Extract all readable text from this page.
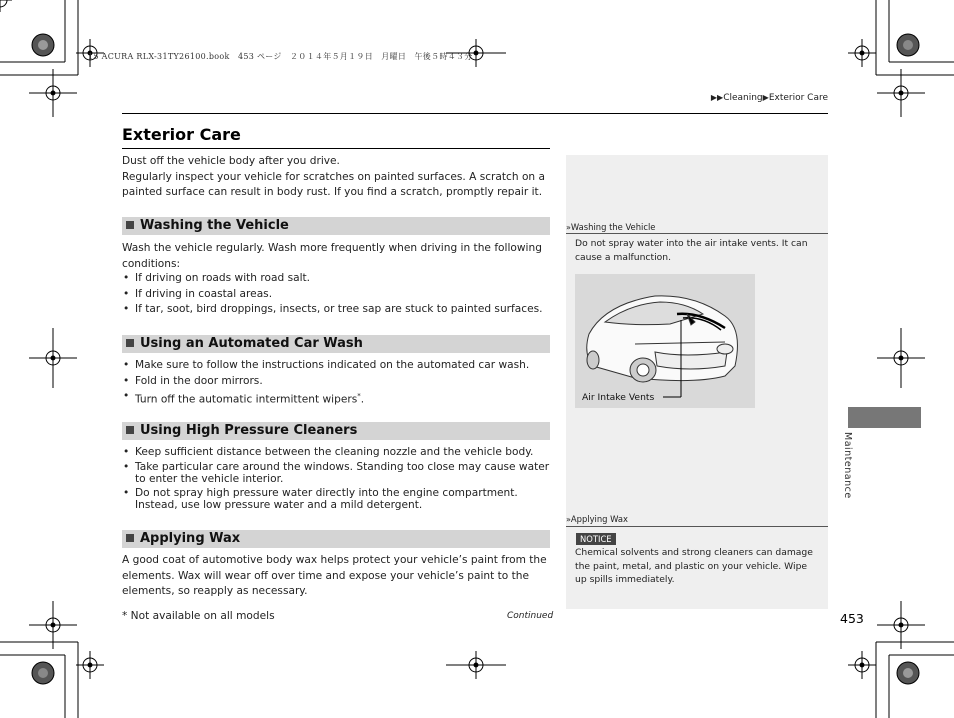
15 ACURA RLX-31TY26100.book　453 ページ　２０１４年５月１９日　月曜日　午後５時４３分
▶▶Cleaning▶Exterior Care
Exterior Care

Dust off the vehicle body after you drive.

Regularly inspect your vehicle for scratches on painted surfaces. A scratch on a painted surface can result in body rust. If you find a scratch, promptly repair it.

Washing the Vehicle

Wash the vehicle regularly. Wash more frequently when driving in the following conditions:

• If driving on roads with road salt.
• If driving in coastal areas.
• If tar, soot, bird droppings, insects, or tree sap are stuck to painted surfaces.
Using an Automated Car Wash
• Make sure to follow the instructions indicated on the automated car wash.
• Fold in the door mirrors.
• Turn off the automatic intermittent wipers*.
Using High Pressure Cleaners
• Keep sufficient distance between the cleaning nozzle and the vehicle body.
• Take particular care around the windows. Standing too close may cause water to enter the vehicle interior.
• Do not spray high pressure water directly into the engine compartment. Instead, use low pressure water and a mild detergent.
Applying Wax

A good coat of automotive body wax helps protect your vehicle’s paint from the elements. Wax will wear off over time and expose your vehicle’s paint to the elements, so reapply as necessary.

»Washing the Vehicle

Do not spray water into the air intake vents. It can cause a malfunction.

Air Intake Vents
»Applying Wax
NOTICE

Chemical solvents and strong cleaners can damage the paint, metal, and plastic on your vehicle. Wipe up spills immediately.

* Not available on all models	Continued	453
Maintenance
